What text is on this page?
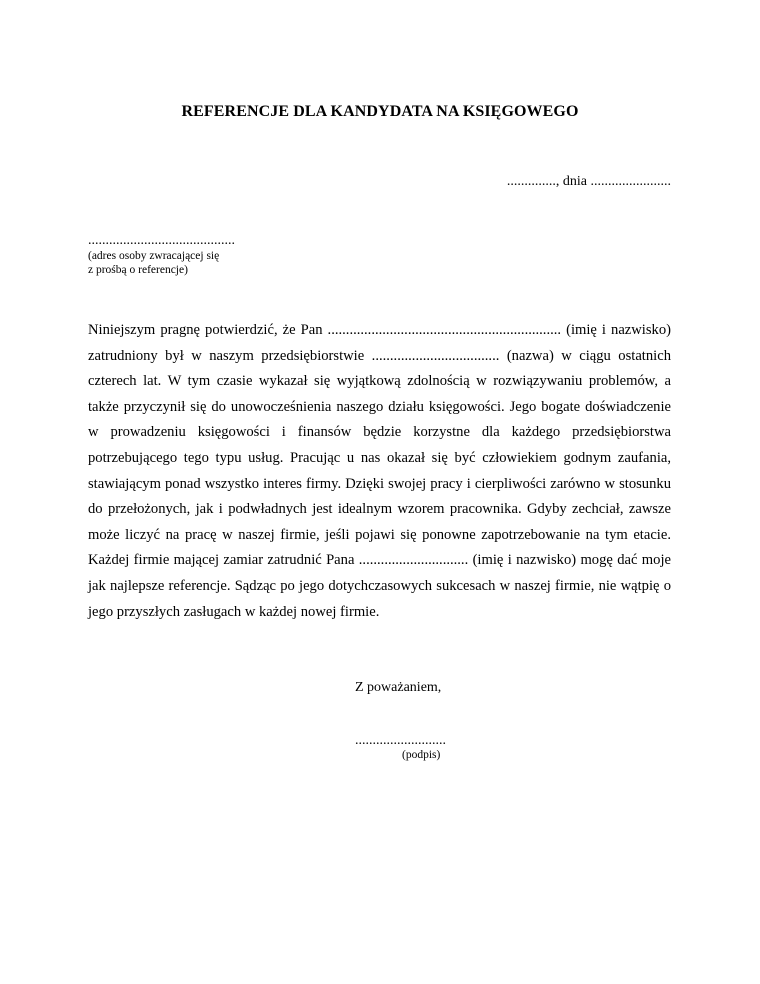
REFERENCJE DLA KANDYDATA NA KSIĘGOWEGO
.............., dnia .......................
..........................................
(adres osoby zwracającej się
z prośbą o referencje)

Niniejszym pragnę potwierdzić, że Pan ................................................................ (imię i nazwisko) zatrudniony był w naszym przedsiębiorstwie ................................... (nazwa) w ciągu ostatnich czterech lat. W tym czasie wykazał się wyjątkową zdolnością w rozwiązywaniu problemów, a także przyczynił się do unowocześnienia naszego działu księgowości. Jego bogate doświadczenie w prowadzeniu księgowości i finansów będzie korzystne dla każdego przedsiębiorstwa potrzebującego tego typu usług. Pracując u nas okazał się być człowiekiem godnym zaufania, stawiającym ponad wszystko interes firmy. Dzięki swojej pracy i cierpliwości zarówno w stosunku do przełożonych, jak i podwładnych jest idealnym wzorem pracownika. Gdyby zechciał, zawsze może liczyć na pracę w naszej firmie, jeśli pojawi się ponowne zapotrzebowanie na tym etacie. Każdej firmie mającej zamiar zatrudnić Pana .............................. (imię i nazwisko) mogę dać moje jak najlepsze referencje. Sądząc po jego dotychczasowych sukcesach w naszej firmie, nie wątpię o jego przyszłych zasługach w każdej nowej firmie.

Z poważaniem,
..........................
(podpis)
